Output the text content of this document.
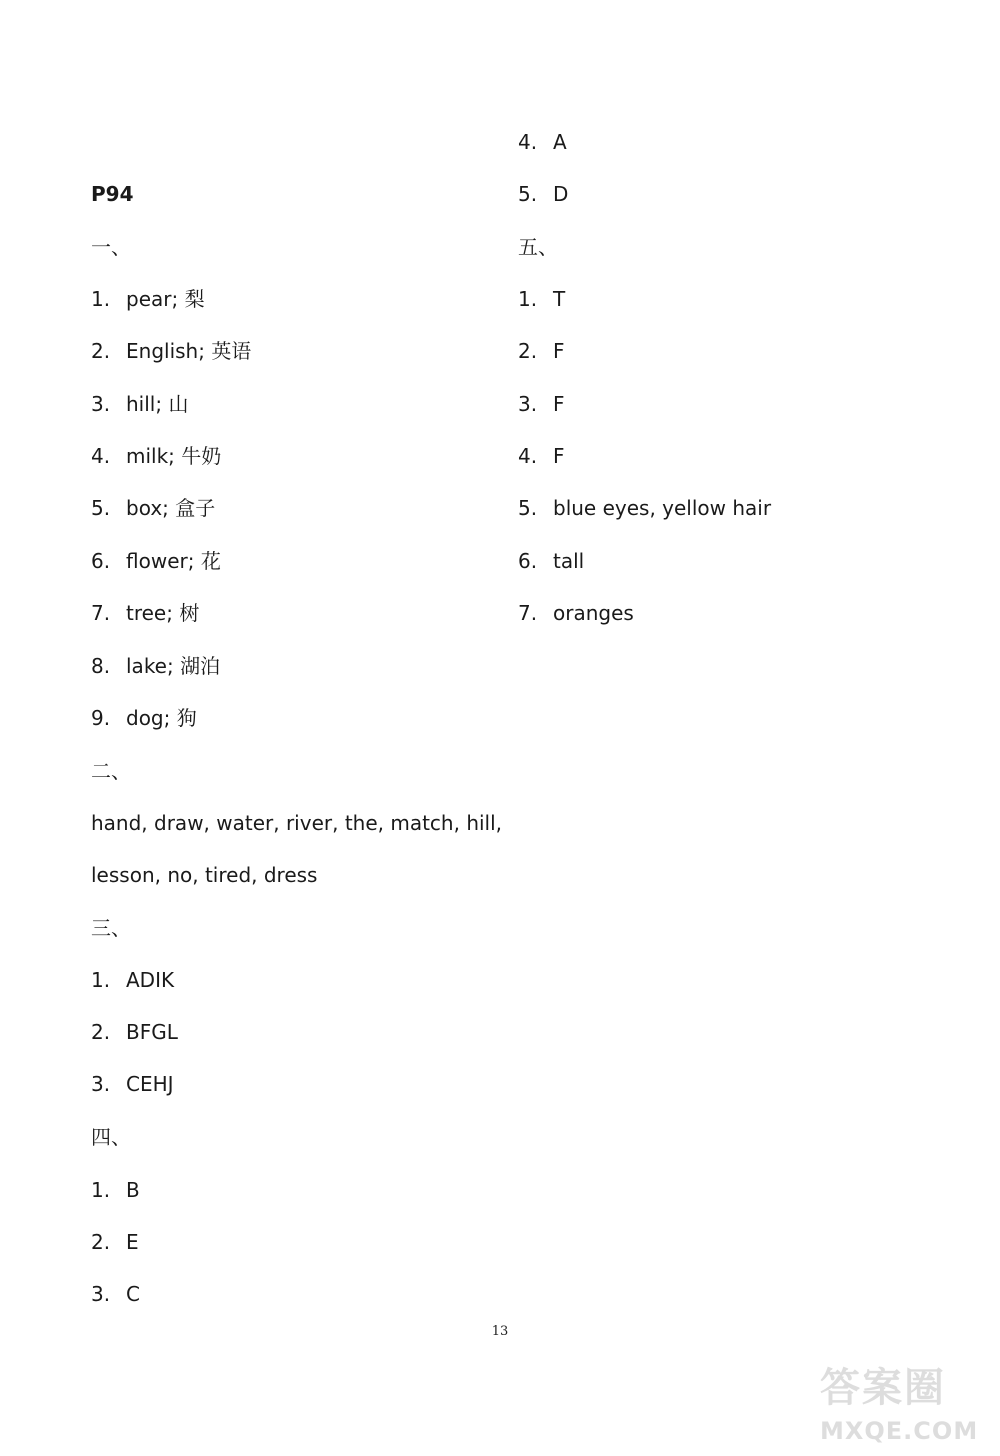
P94
一、
1. pear; 梨
2. English; 英语
3. hill; 山
4. milk; 牛奶
5. box; 盒子
6. flower; 花
7. tree; 树
8. lake; 湖泊
9. dog; 狗
二、
hand, draw, water, river, the, match, hill,
lesson, no, tired, dress
三、
1. ADIK
2. BFGL
3. CEHJ
四、
1. B
2. E
3. C
4. A
5. D
五、
1. T
2. F
3. F
4. F
5. blue eyes, yellow hair
6. tall
7. oranges
13
答案圈
MXQE.COM
